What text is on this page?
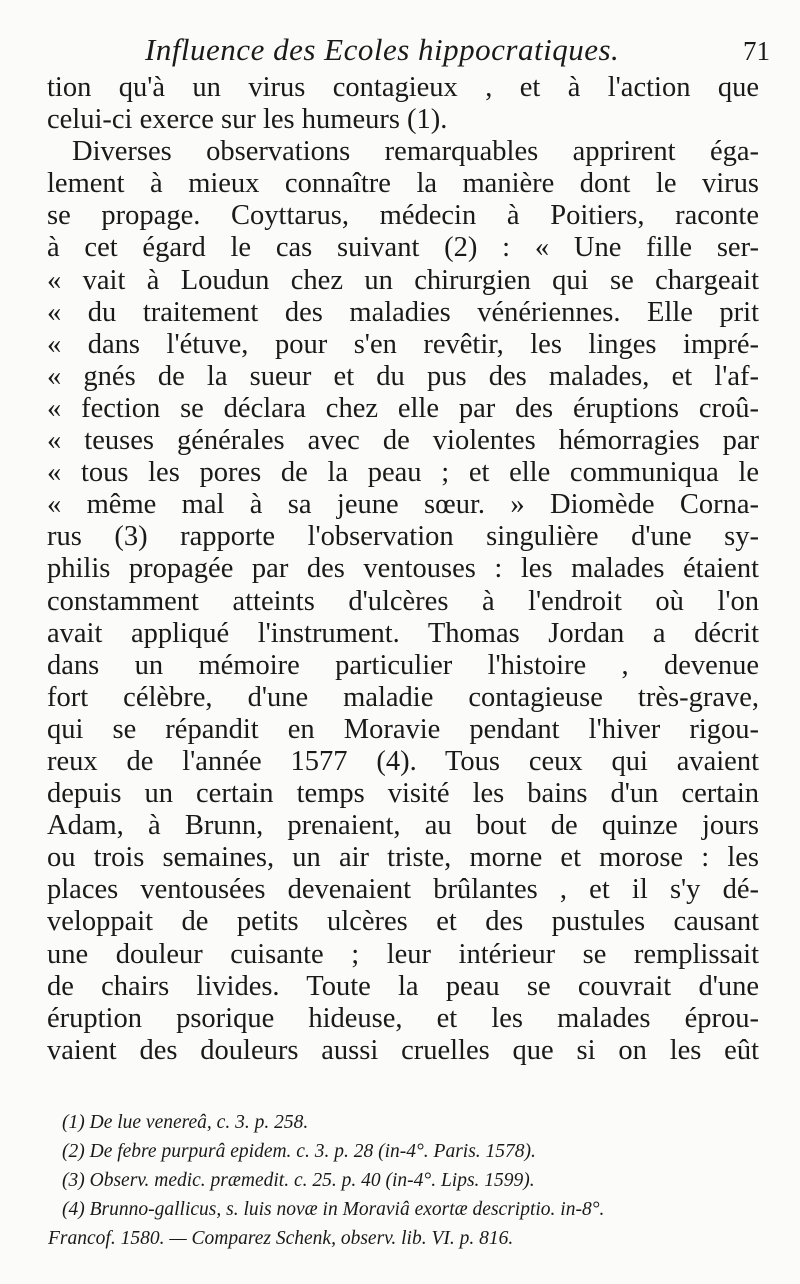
Influence des Ecoles hippocratiques.	71
tion qu'à un virus contagieux , et à l'action que
celui-ci exerce sur les humeurs (1).
Diverses observations remarquables apprirent éga-
lement à mieux connaître la manière dont le virus
se propage. Coyttarus, médecin à Poitiers, raconte
à cet égard le cas suivant (2) : « Une fille ser-
« vait à Loudun chez un chirurgien qui se chargeait
« du traitement des maladies vénériennes. Elle prit
« dans l'étuve, pour s'en revêtir, les linges impré-
« gnés de la sueur et du pus des malades, et l'af-
« fection se déclara chez elle par des éruptions croû-
« teuses générales avec de violentes hémorragies par
« tous les pores de la peau ; et elle communiqua le
« même mal à sa jeune sœur. » Diomède Corna-
rus (3) rapporte l'observation singulière d'une sy-
philis propagée par des ventouses : les malades étaient
constamment atteints d'ulcères à l'endroit où l'on
avait appliqué l'instrument. Thomas Jordan a décrit
dans un mémoire particulier l'histoire , devenue
fort célèbre, d'une maladie contagieuse très-grave,
qui se répandit en Moravie pendant l'hiver rigou-
reux de l'année 1577 (4). Tous ceux qui avaient
depuis un certain temps visité les bains d'un certain
Adam, à Brunn, prenaient, au bout de quinze jours
ou trois semaines, un air triste, morne et morose : les
places ventousées devenaient brûlantes , et il s'y dé-
veloppait de petits ulcères et des pustules causant
une douleur cuisante ; leur intérieur se remplissait
de chairs livides. Toute la peau se couvrait d'une
éruption psorique hideuse, et les malades éprou-
vaient des douleurs aussi cruelles que si on les eût
(1) De lue venereâ, c. 3. p. 258.
(2) De febre purpurâ epidem. c. 3. p. 28 (in-4°. Paris. 1578).
(3) Observ. medic. præmedit. c. 25. p. 40 (in-4°. Lips. 1599).
(4) Brunno-gallicus, s. luis novæ in Moraviâ exortæ descriptio. in-8°.
Francof. 1580. — Comparez Schenk, observ. lib. VI. p. 816.
